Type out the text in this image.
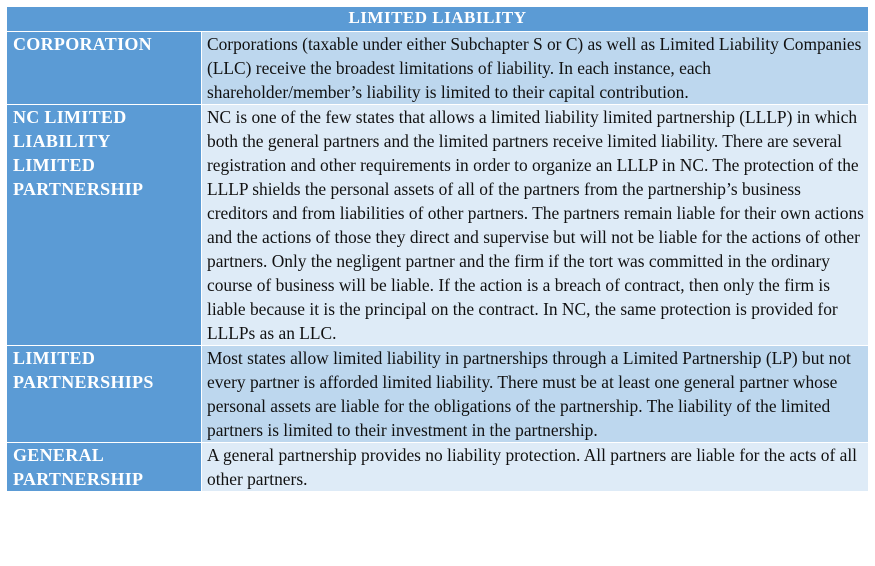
LIMITED LIABILITY	
CORPORATION	Corporations (taxable under either Subchapter S or C) as well as Limited Liability Companies (LLC) receive the broadest limitations of liability. In each instance, each shareholder/member’s liability is limited to their capital contribution.
NC LIMITED LIABILITY LIMITED PARTNERSHIP	NC is one of the few states that allows a limited liability limited partnership (LLLP) in which both the general partners and the limited partners receive limited liability. There are several registration and other requirements in order to organize an LLLP in NC. The protection of the LLLP shields the personal assets of all of the partners from the partnership’s business creditors and from liabilities of other partners. The partners remain liable for their own actions and the actions of those they direct and supervise but will not be liable for the actions of other partners. Only the negligent partner and the firm if the tort was committed in the ordinary course of business will be liable. If the action is a breach of contract, then only the firm is liable because it is the principal on the contract. In NC, the same protection is provided for LLLPs as an LLC.
LIMITED PARTNERSHIPS	Most states allow limited liability in partnerships through a Limited Partnership (LP) but not every partner is afforded limited liability. There must be at least one general partner whose personal assets are liable for the obligations of the partnership. The liability of the limited partners is limited to their investment in the partnership.
GENERAL PARTNERSHIP	A general partnership provides no liability protection. All partners are liable for the acts of all other partners.
